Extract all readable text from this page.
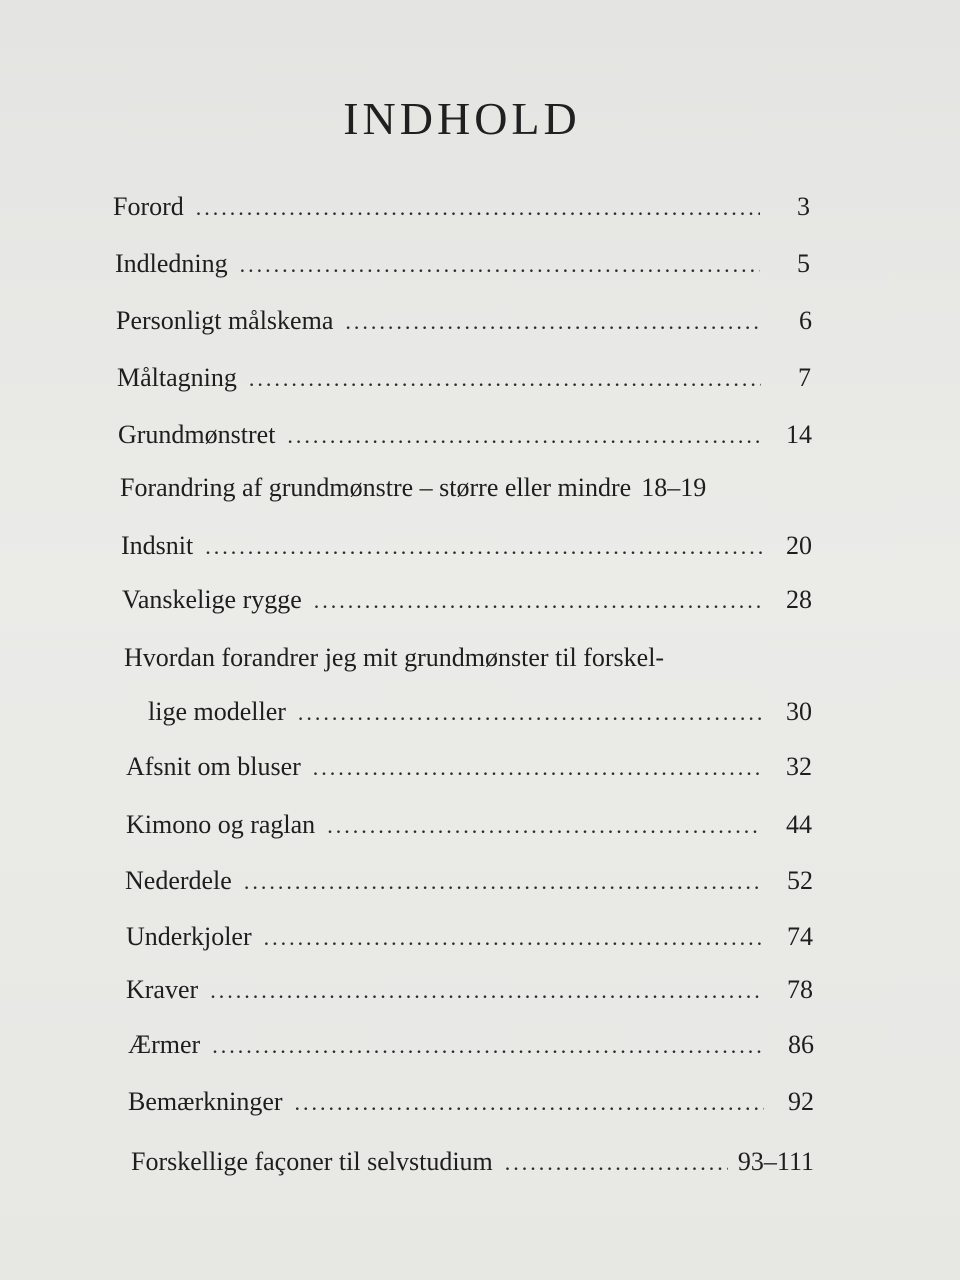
INDHOLD
Forord .....	3
Indledning .....	5
Personligt målskema .....	6
Måltagning .....	7
Grundmønstret .....	14
Forandring af grundmønstre – større eller mindre 18–19
Indsnit .....	20
Vanskelige rygge .....	28
Hvordan forandrer jeg mit grundmønster til forskel-
lige modeller .....	30
Afsnit om bluser .....	32
Kimono og raglan .....	44
Nederdele .....	52
Underkjoler .....	74
Kraver .....	78
Ærmer .....	86
Bemærkninger .....	92
Forskellige façoner til selvstudium .....	93–111
